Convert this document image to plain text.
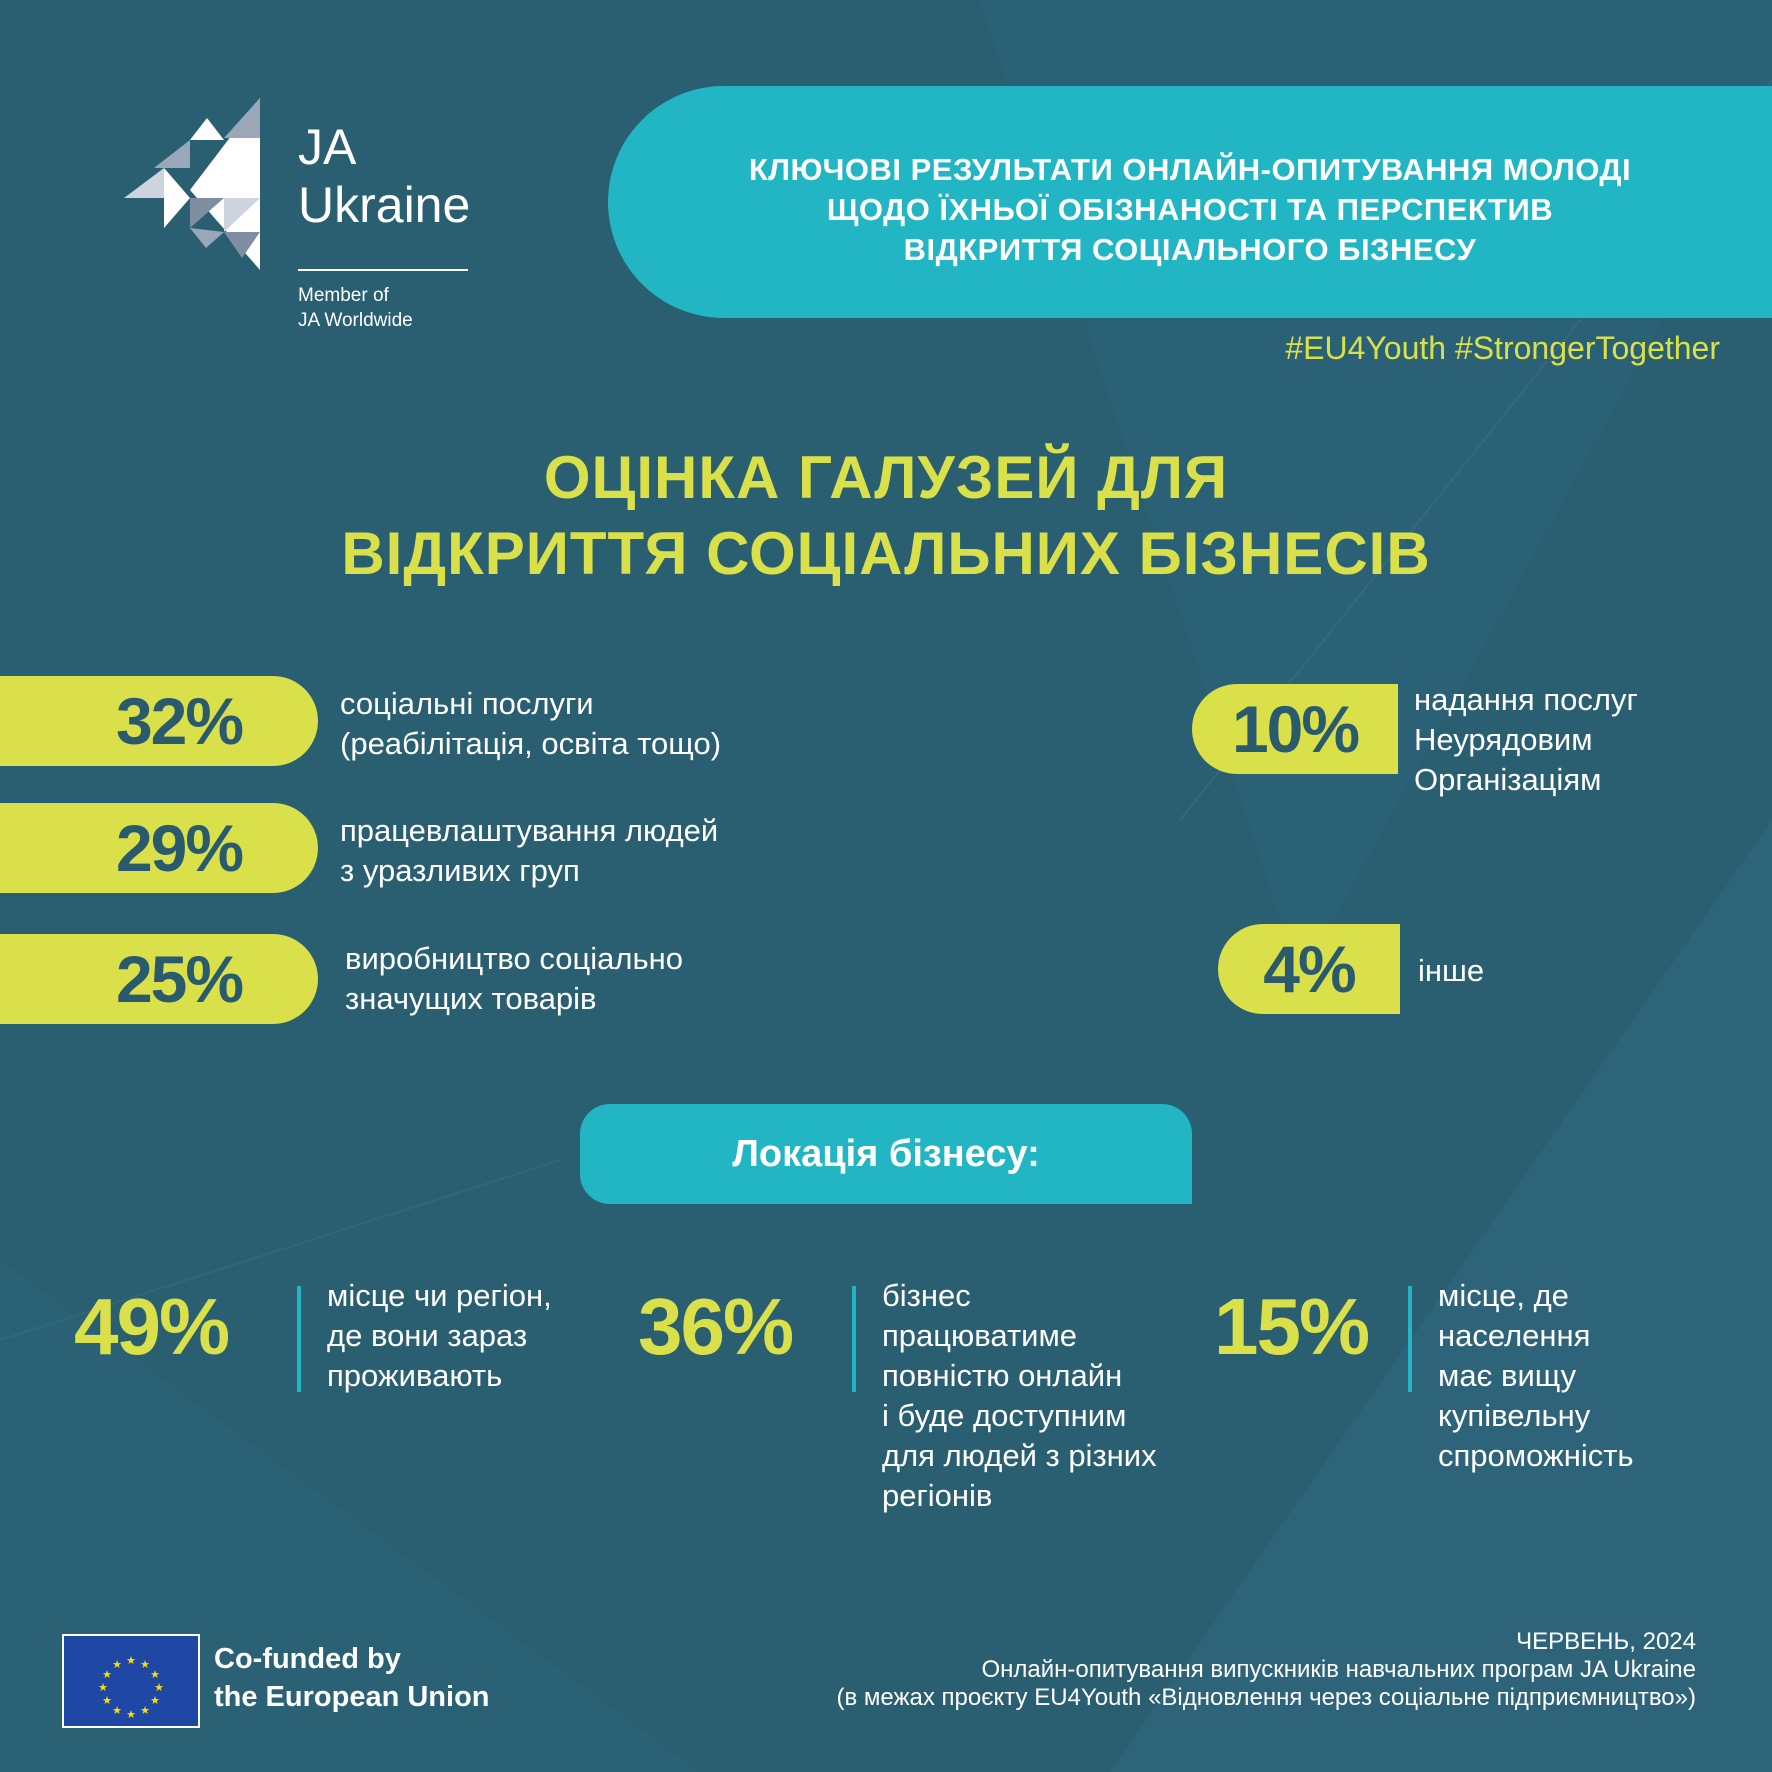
JA
Ukraine
Member of
JA Worldwide
КЛЮЧОВІ РЕЗУЛЬТАТИ ОНЛАЙН-ОПИТУВАННЯ МОЛОДІ
ЩОДО ЇХНЬОЇ ОБІЗНАНОСТІ ТА ПЕРСПЕКТИВ
ВІДКРИТТЯ СОЦІАЛЬНОГО БІЗНЕСУ
#EU4Youth #StrongerTogether
ОЦІНКА ГАЛУЗЕЙ ДЛЯ
ВІДКРИТТЯ СОЦІАЛЬНИХ БІЗНЕСІВ
32%	соціальні послуги
(реабілітація, освіта тощо)
29%	працевлаштування людей
з уразливих груп
25%	виробництво соціально
значущих товарів
10%	надання послуг
Неурядовим
Організаціям
4%	інше
Локація бізнесу:
49%	місце чи регіон,
де вони зараз
проживають
36%	бізнес
працюватиме
повністю онлайн
і буде доступним
для людей з різних
регіонів
15% місце, де
населення
має вищу
купівельну
спроможність
★ ★
★
★
★
★
★
★
★
★
★
★	Co-funded by
the European Union
ЧЕРВЕНЬ, 2024
Онлайн-опитування випускників навчальних програм JA Ukraine
(в межах проєкту EU4Youth «Відновлення через соціальне підприємництво»)
